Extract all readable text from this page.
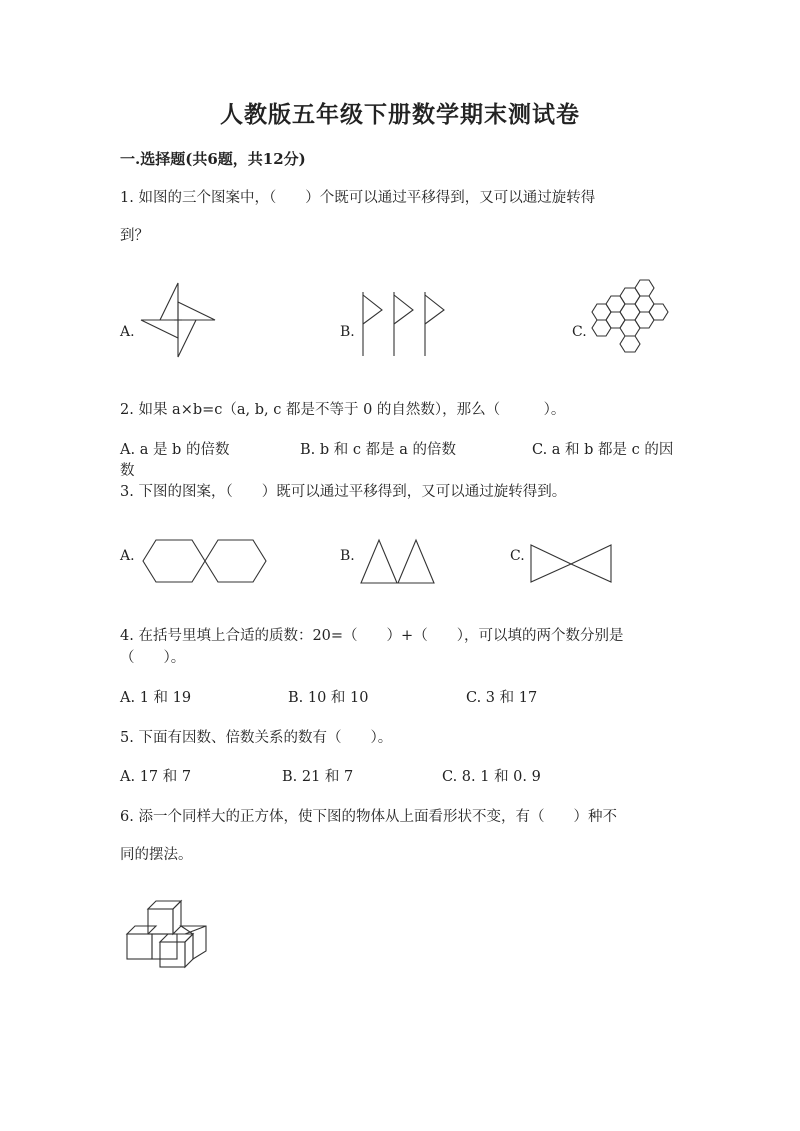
人教版五年级下册数学期末测试卷
一.选择题(共6题，共12分)
1. 如图的三个图案中，（　　）个既可以通过平移得到，又可以通过旋转得
到？
A.	B.	C.
2. 如果 a×b=c（a, b, c 都是不等于 0 的自然数），那么（　　　）。
A. a 是 b 的倍数	B. b 和 c 都是 a 的倍数	C. a 和 b 都是 c 的因
数
3. 下图的图案，（　　）既可以通过平移得到，又可以通过旋转得到。
A.	B.	C.
4. 在括号里填上合适的质数：20=（　　）+（　　），可以填的两个数分别是
（　　）。
A. 1 和 19	B. 10 和 10	C. 3 和 17
5. 下面有因数、倍数关系的数有（　　）。
A. 17 和 7	B. 21 和 7	C. 8. 1 和 0. 9
6. 添一个同样大的正方体，使下图的物体从上面看形状不变，有（　　）种不
同的摆法。
